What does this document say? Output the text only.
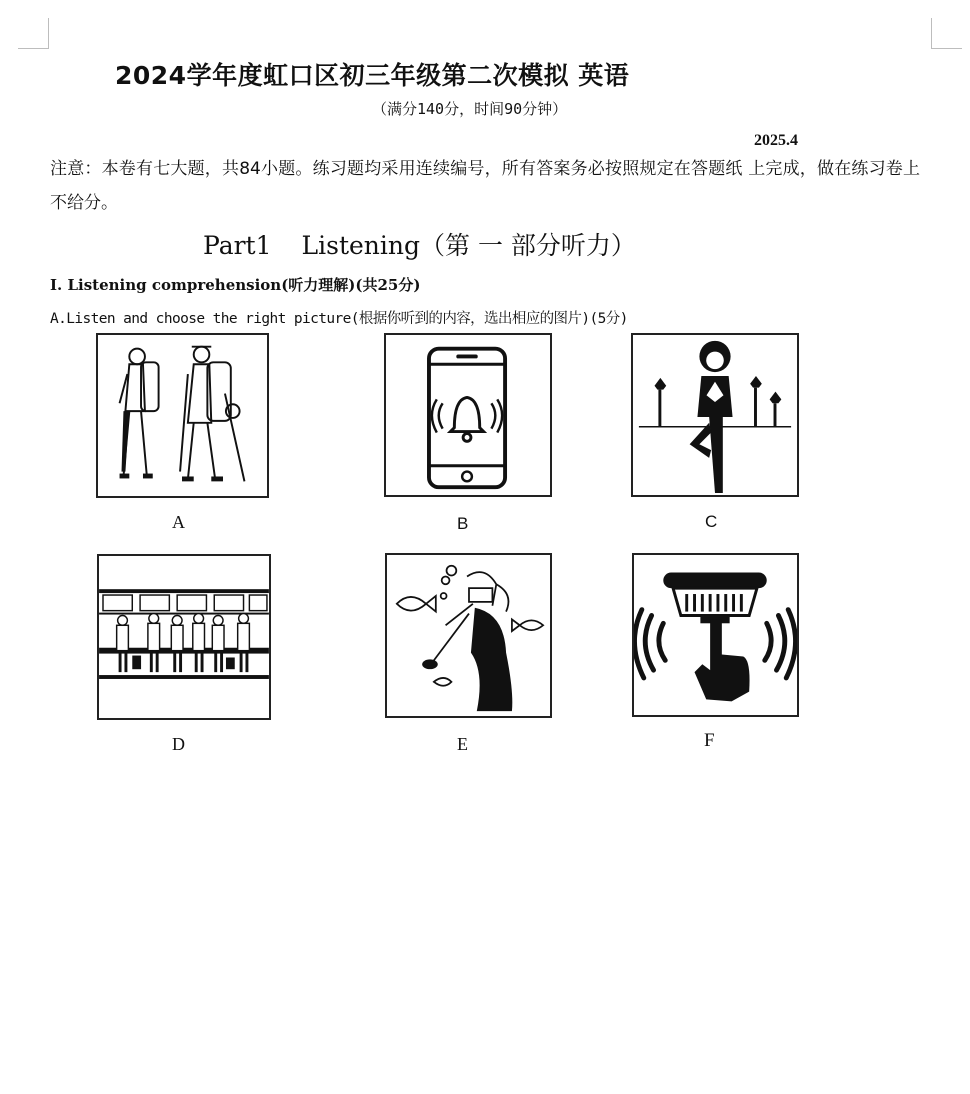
2024学年度虹口区初三年级第二次模拟 英语
（满分140分，时间90分钟）
2025.4
注意：本卷有七大题，共84小题。练习题均采用连续编号，所有答案务必按照规定在答题纸 上完成，做在练习卷上不给分。
Part1 Listening（第 一 部分听力）
I. Listening comprehension(听力理解)(共25分)
A.Listen and choose the right picture(根据你听到的内容，选出相应的图片)(5分)
A	B	C
D	E	F
